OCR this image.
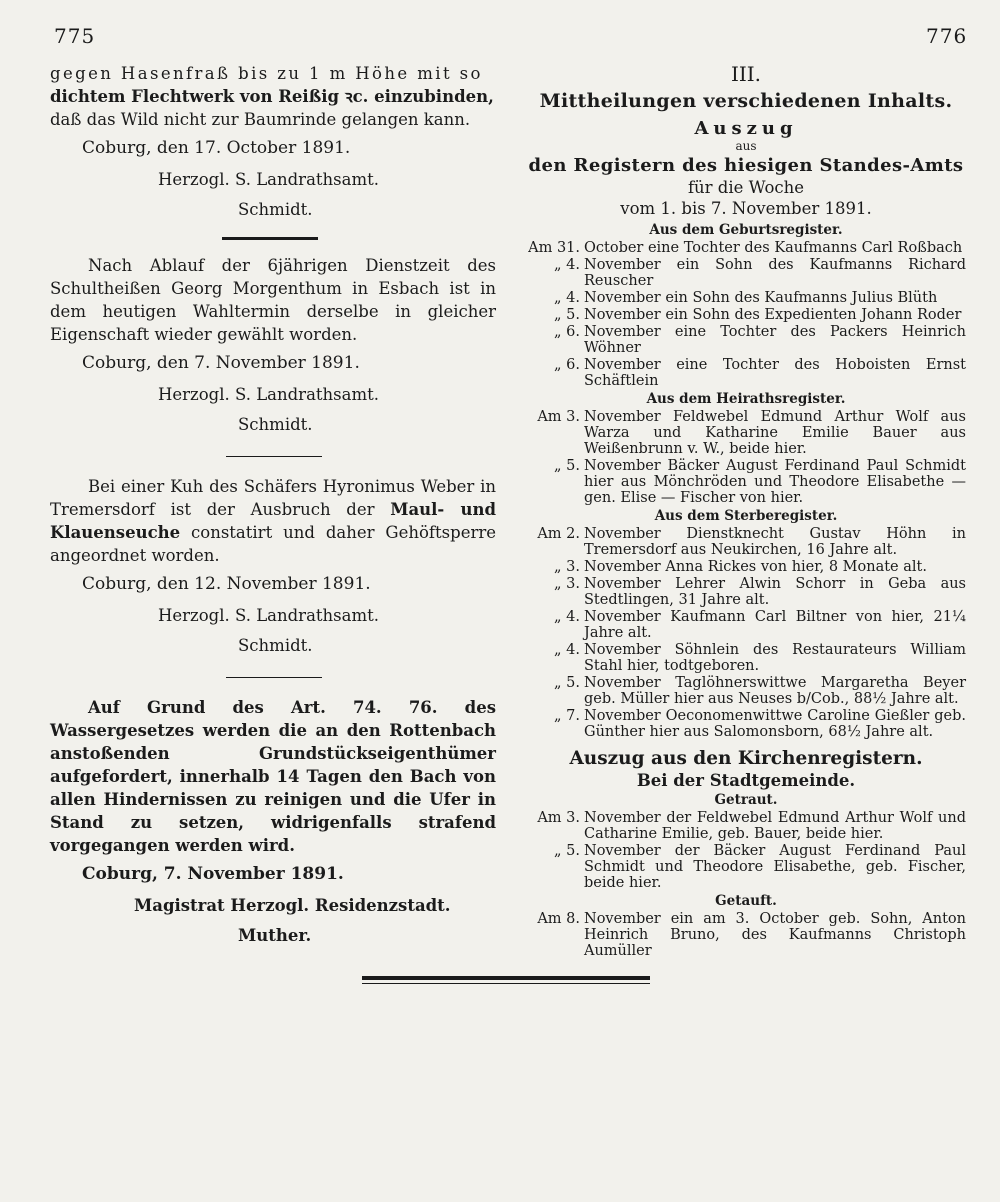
775	776

gegen Hasenfraß bis zu 1 m Höhe mit so

dichtem Flechtwerk von Reißig ꝛc. einzubinden,

daß das Wild nicht zur Baumrinde gelangen kann.

Coburg, den 17. October 1891.
Herzogl. S. Landrathsamt.
Schmidt.

Nach Ablauf der 6jährigen Dienstzeit des Schultheißen Georg Morgenthum in Esbach ist in dem heutigen Wahltermin derselbe in gleicher Eigenschaft wieder gewählt worden.

Coburg, den 7. November 1891.
Herzogl. S. Landrathsamt.
Schmidt.

Bei einer Kuh des Schäfers Hyronimus Weber in Tremersdorf ist der Ausbruch der Maul- und Klauenseuche constatirt und daher Gehöftsperre angeordnet worden.

Coburg, den 12. November 1891.
Herzogl. S. Landrathsamt.
Schmidt.

Auf Grund des Art. 74. 76. des Wassergesetzes werden die an den Rottenbach anstoßenden Grundstückseigenthümer aufgefordert, innerhalb 14 Tagen den Bach von allen Hindernissen zu reinigen und die Ufer in Stand zu setzen, widrigenfalls strafend vorgegangen werden wird.

Coburg, 7. November 1891.
Magistrat Herzogl. Residenzstadt.
Muther.
III.
Mittheilungen verschiedenen Inhalts.
Auszug
aus
den Registern des hiesigen Standes-Amts
für die Woche
vom 1. bis 7. November 1891.
Aus dem Geburtsregister.
Am 31. October eine Tochter des Kaufmanns Carl Roßbach
„ 4. November ein Sohn des Kaufmanns Richard Reuscher
„ 4. November ein Sohn des Kaufmanns Julius Blüth
„ 5. November ein Sohn des Expedienten Johann Roder
„ 6. November eine Tochter des Packers Heinrich Wöhner
„ 6. November eine Tochter des Hoboisten Ernst Schäftlein
Aus dem Heirathsregister.
Am 3. November Feldwebel Edmund Arthur Wolf aus Warza und Katharine Emilie Bauer aus Weißenbrunn v. W., beide hier.
„ 5. November Bäcker August Ferdinand Paul Schmidt hier aus Mönchröden und Theodore Elisabethe — gen. Elise — Fischer von hier.
Aus dem Sterberegister.
Am 2. November Dienstknecht Gustav Höhn in Tremersdorf aus Neukirchen, 16 Jahre alt.
„ 3. November Anna Rickes von hier, 8 Monate alt.
„ 3. November Lehrer Alwin Schorr in Geba aus Stedtlingen, 31 Jahre alt.
„ 4. November Kaufmann Carl Biltner von hier, 21¼ Jahre alt.
„ 4. November Söhnlein des Restaurateurs William Stahl hier, todtgeboren.
„ 5. November Taglöhnerswittwe Margaretha Beyer geb. Müller hier aus Neuses b/Cob., 88½ Jahre alt.
„ 7. November Oeconomenwittwe Caroline Gießler geb. Günther hier aus Salomonsborn, 68½ Jahre alt.
Auszug aus den Kirchenregistern.
Bei der Stadtgemeinde.
Getraut.
Am 3. November der Feldwebel Edmund Arthur Wolf und Catharine Emilie, geb. Bauer, beide hier.
„ 5. November der Bäcker August Ferdinand Paul Schmidt und Theodore Elisabethe, geb. Fischer, beide hier.
Getauft.
Am 8. November ein am 3. October geb. Sohn, Anton Heinrich Bruno, des Kaufmanns Christoph Aumüller
